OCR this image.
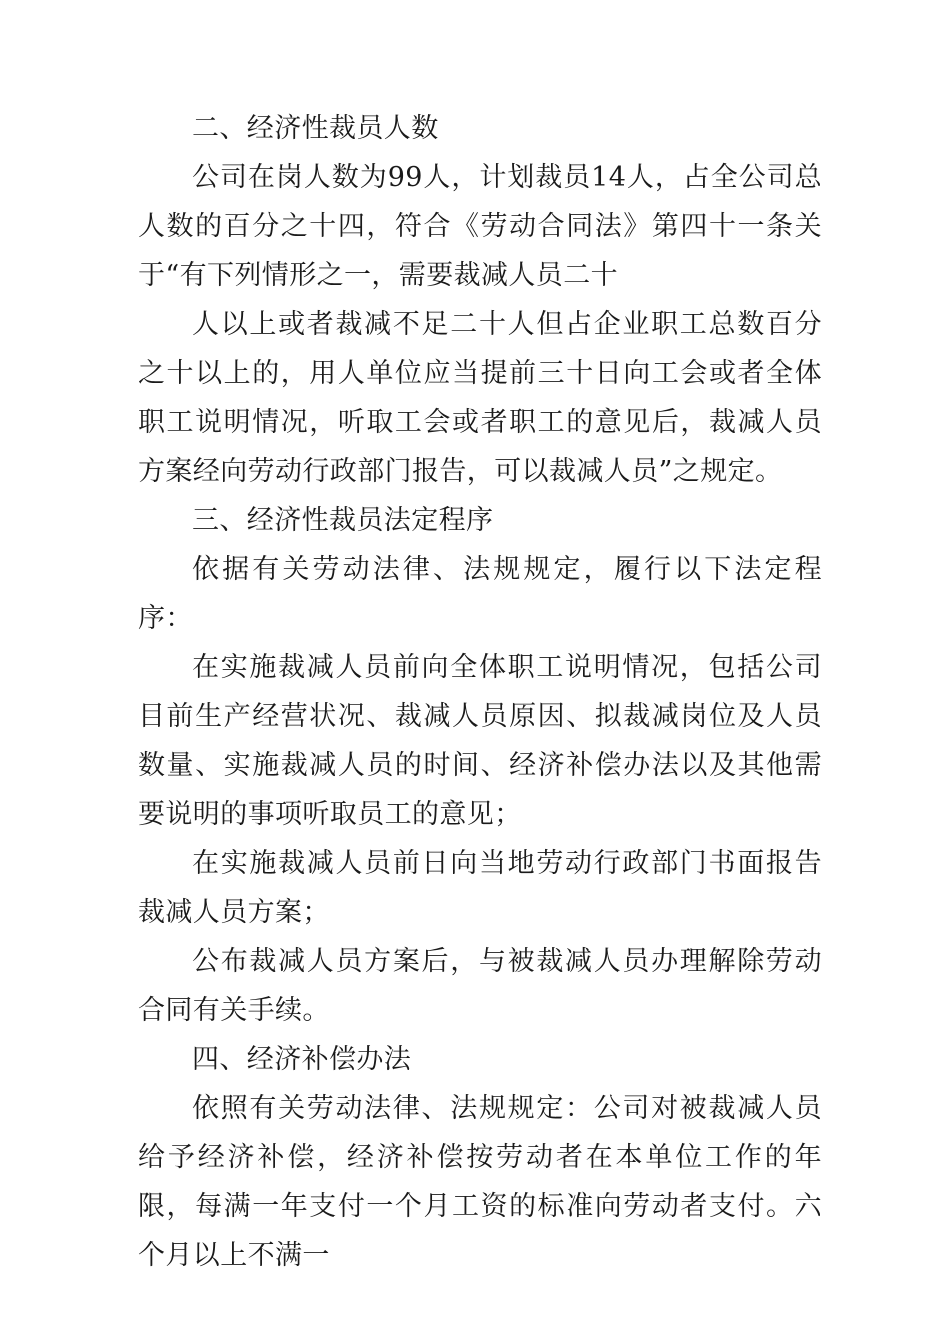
二、经济性裁员人数

公司在岗人数为99人，计划裁员14人，占全公司总人数的百分之十四，符合《劳动合同法》第四十一条关于“有下列情形之一，需要裁减人员二十

人以上或者裁减不足二十人但占企业职工总数百分之十以上的，用人单位应当提前三十日向工会或者全体职工说明情况，听取工会或者职工的意见后，裁减人员方案经向劳动行政部门报告，可以裁减人员”之规定。

三、经济性裁员法定程序

依据有关劳动法律、法规规定，履行以下法定程序：

在实施裁减人员前向全体职工说明情况，包括公司目前生产经营状况、裁减人员原因、拟裁减岗位及人员数量、实施裁减人员的时间、经济补偿办法以及其他需要说明的事项听取员工的意见；

在实施裁减人员前日向当地劳动行政部门书面报告裁减人员方案；

公布裁减人员方案后，与被裁减人员办理解除劳动合同有关手续。

四、经济补偿办法

依照有关劳动法律、法规规定：公司对被裁减人员给予经济补偿，经济补偿按劳动者在本单位工作的年限，每满一年支付一个月工资的标准向劳动者支付。六个月以上不满一
